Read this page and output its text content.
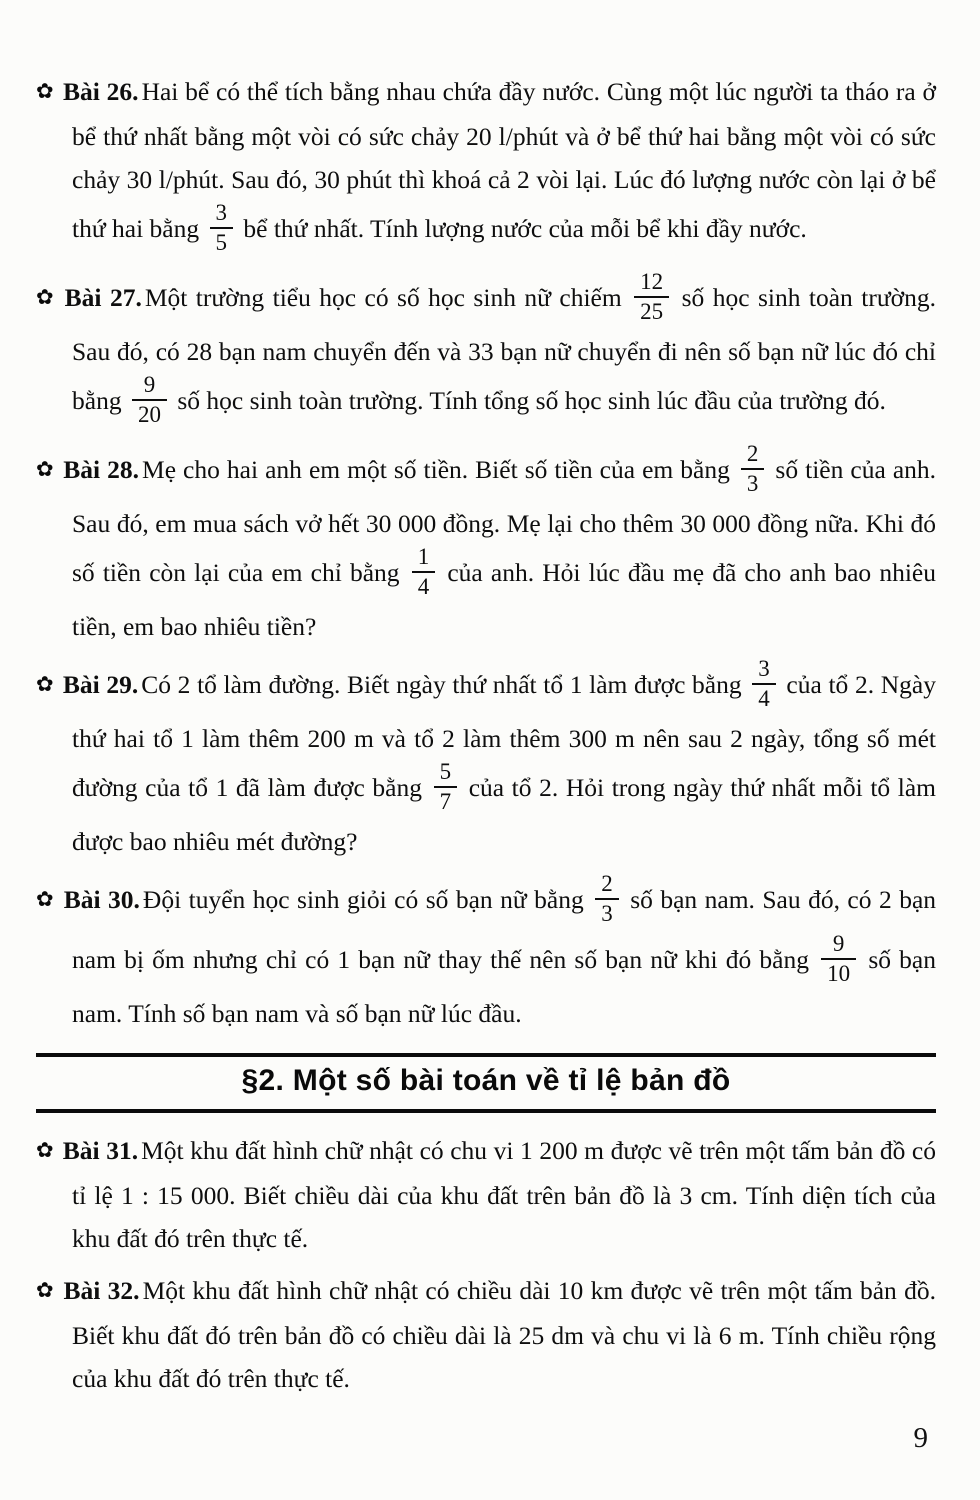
✿ Bài 26. Hai bể có thể tích bằng nhau chứa đầy nước. Cùng một lúc người ta tháo ra ở bể thứ nhất bằng một vòi có sức chảy 20 l/phút và ở bể thứ hai bằng một vòi có sức chảy 30 l/phút. Sau đó, 30 phút thì khoá cả 2 vòi lại. Lúc đó lượng nước còn lại ở bể thứ hai bằng $\frac{3}{5}$ bể thứ nhất. Tính lượng nước của mỗi bể khi đầy nước.

✿ Bài 27. Một trường tiểu học có số học sinh nữ chiếm $\frac{12}{25}$ số học sinh toàn trường. Sau đó, có 28 bạn nam chuyển đến và 33 bạn nữ chuyển đi nên số bạn nữ lúc đó chỉ bằng $\frac{9}{20}$ số học sinh toàn trường. Tính tổng số học sinh lúc đầu của trường đó.

✿ Bài 28. Mẹ cho hai anh em một số tiền. Biết số tiền của em bằng $\frac{2}{3}$ số tiền của anh. Sau đó, em mua sách vở hết 30 000 đồng. Mẹ lại cho thêm 30 000 đồng nữa. Khi đó số tiền còn lại của em chỉ bằng $\frac{1}{4}$ của anh. Hỏi lúc đầu mẹ đã cho anh bao nhiêu tiền, em bao nhiêu tiền?

✿ Bài 29. Có 2 tổ làm đường. Biết ngày thứ nhất tổ 1 làm được bằng $\frac{3}{4}$ của tổ 2. Ngày thứ hai tổ 1 làm thêm 200 m và tổ 2 làm thêm 300 m nên sau 2 ngày, tổng số mét đường của tổ 1 đã làm được bằng $\frac{5}{7}$ của tổ 2. Hỏi trong ngày thứ nhất mỗi tổ làm được bao nhiêu mét đường?

✿ Bài 30. Đội tuyển học sinh giỏi có số bạn nữ bằng $\frac{2}{3}$ số bạn nam. Sau đó, có 2 bạn nam bị ốm nhưng chỉ có 1 bạn nữ thay thế nên số bạn nữ khi đó bằng $\frac{9}{10}$ số bạn nam. Tính số bạn nam và số bạn nữ lúc đầu.

§2. Một số bài toán về tỉ lệ bản đồ

✿ Bài 31. Một khu đất hình chữ nhật có chu vi 1 200 m được vẽ trên một tấm bản đồ có tỉ lệ 1 : 15 000. Biết chiều dài của khu đất trên bản đồ là 3 cm. Tính diện tích của khu đất đó trên thực tế.

✿ Bài 32. Một khu đất hình chữ nhật có chiều dài 10 km được vẽ trên một tấm bản đồ. Biết khu đất đó trên bản đồ có chiều dài là 25 dm và chu vi là 6 m. Tính chiều rộng của khu đất đó trên thực tế.

9
